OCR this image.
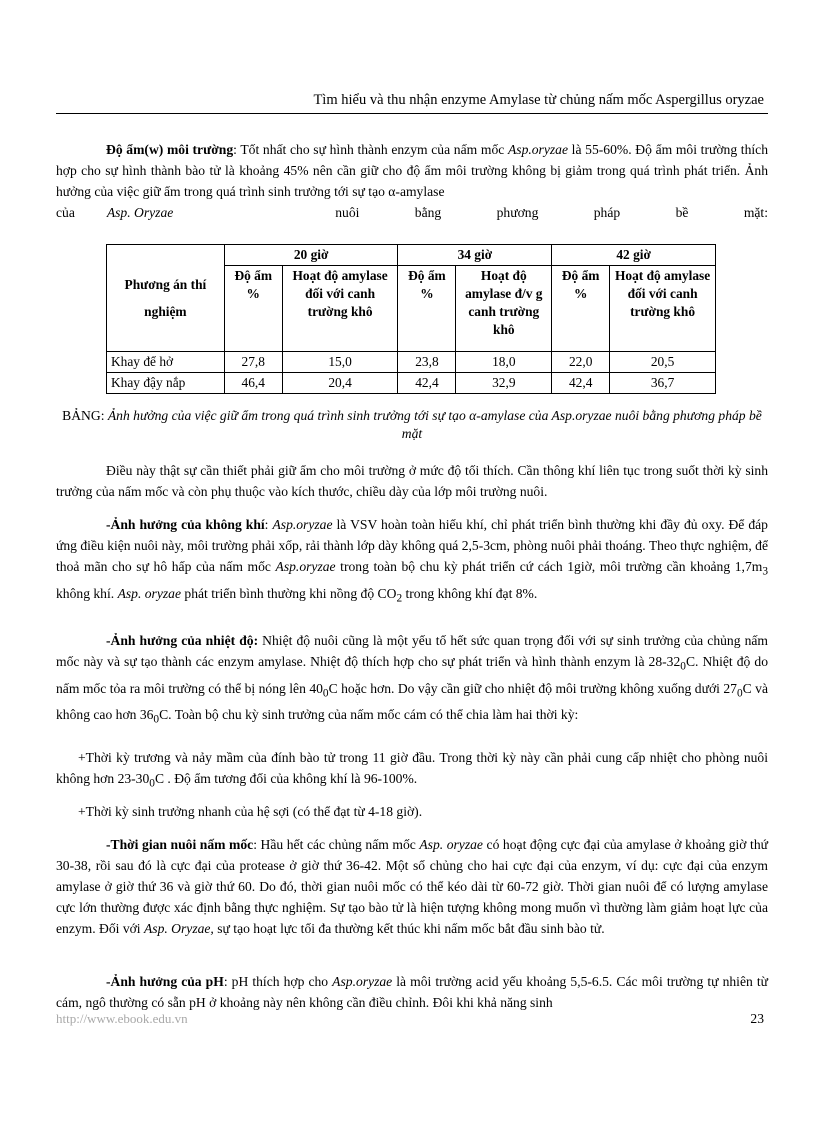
Tìm hiểu và thu nhận enzyme Amylase từ chủng nấm mốc Aspergillus oryzae

Độ ẩm(w) môi trường: Tốt nhất cho sự hình thành enzym của nấm mốc Asp.oryzae là 55-60%. Độ ẩm môi trường thích hợp cho sự hình thành bào tử là khoảng 45% nên cần giữ cho độ ẩm môi trường không bị giảm trong quá trình phát triển. Ảnh hưởng của việc giữ ẩm trong quá trình sinh trưởng tới sự tạo α-amylase

của Asp. Oryzae	nuôi bằng phương pháp bề mặt:
Phương án thí nghiệm	20 giờ		34 giờ		42 giờ	
	Độ ẩm %	Hoạt độ amylase đối với canh trường khô	Độ ẩm %	Hoạt độ amylase đ/v g canh trường khô	Độ ẩm %	Hoạt độ amylase đối với canh trường khô
Khay để hở	27,8	15,0	23,8	18,0	22,0	20,5
Khay đậy nắp	46,4	20,4	42,4	32,9	42,4	36,7
BẢNG: Ảnh hưởng của việc giữ ẩm trong quá trình sinh trưởng tới sự tạo α-amylase của Asp.oryzae nuôi bằng phương pháp bề mặt

Điều này thật sự cần thiết phải giữ ẩm cho môi trường ở mức độ tối thích. Cần thông khí liên tục trong suốt thời kỳ sinh trưởng của nấm mốc và còn phụ thuộc vào kích thước, chiều dày của lớp môi trường nuôi.

-Ảnh hưởng của không khí: Asp.oryzae là VSV hoàn toàn hiếu khí, chỉ phát triển bình thường khi đầy đủ oxy. Để đáp ứng điều kiện nuôi này, môi trường phải xốp, rải thành lớp dày không quá 2,5-3cm, phòng nuôi phải thoáng. Theo thực nghiệm, để thoả mãn cho sự hô hấp của nấm mốc Asp.oryzae trong toàn bộ chu kỳ phát triển cứ cách 1giờ, môi trường cần khoảng $1,7m_3$ không khí. Asp. oryzae phát triển bình thường khi nồng độ $CO_2$ trong không khí đạt 8%.

-Ảnh hưởng của nhiệt độ: Nhiệt độ nuôi cũng là một yếu tố hết sức quan trọng đối với sự sinh trưởng của chủng nấm mốc này và sự tạo thành các enzym amylase. Nhiệt độ thích hợp cho sự phát triển và hình thành enzym là $28-32_0C$. Nhiệt độ do nấm mốc tỏa ra môi trường có thể bị nóng lên $40_0C$ hoặc hơn. Do vậy cần giữ cho nhiệt độ môi trường không xuống dưới $27_0C$ và không cao hơn $36_0C$. Toàn bộ chu kỳ sinh trưởng của nấm mốc cám có thể chia làm hai thời kỳ:

+Thời kỳ trương và nảy mầm của đính bào tử trong 11 giờ đầu. Trong thời kỳ này cần phải cung cấp nhiệt cho phòng nuôi không hơn $23-30_0C$ . Độ ẩm tương đối của không khí là 96-100%.

+Thời kỳ sinh trưởng nhanh của hệ sợi (có thể đạt từ 4-18 giờ).

-Thời gian nuôi nấm mốc: Hầu hết các chủng nấm mốc Asp. oryzae có hoạt động cực đại của amylase ở khoảng giờ thứ 30-38, rồi sau đó là cực đại của protease ở giờ thứ 36-42. Một số chủng cho hai cực đại của enzym, ví dụ: cực đại của enzym amylase ở giờ thứ 36 và giờ thứ 60. Do đó, thời gian nuôi mốc có thể kéo dài từ 60-72 giờ. Thời gian nuôi để có lượng amylase cực lớn thường được xác định bằng thực nghiệm. Sự tạo bào tử là hiện tượng không mong muốn vì thường làm giảm hoạt lực của enzym. Đối với Asp. Oryzae, sự tạo hoạt lực tối đa thường kết thúc khi nấm mốc bắt đầu sinh bào tử.

-Ảnh hưởng của pH: pH thích hợp cho Asp.oryzae là môi trường acid yếu khoảng 5,5-6.5. Các môi trường tự nhiên từ cám, ngô thường có sẵn pH ở khoảng này nên không cần điều chỉnh. Đôi khi khả năng sinh

http://www.ebook.edu.vn	23
